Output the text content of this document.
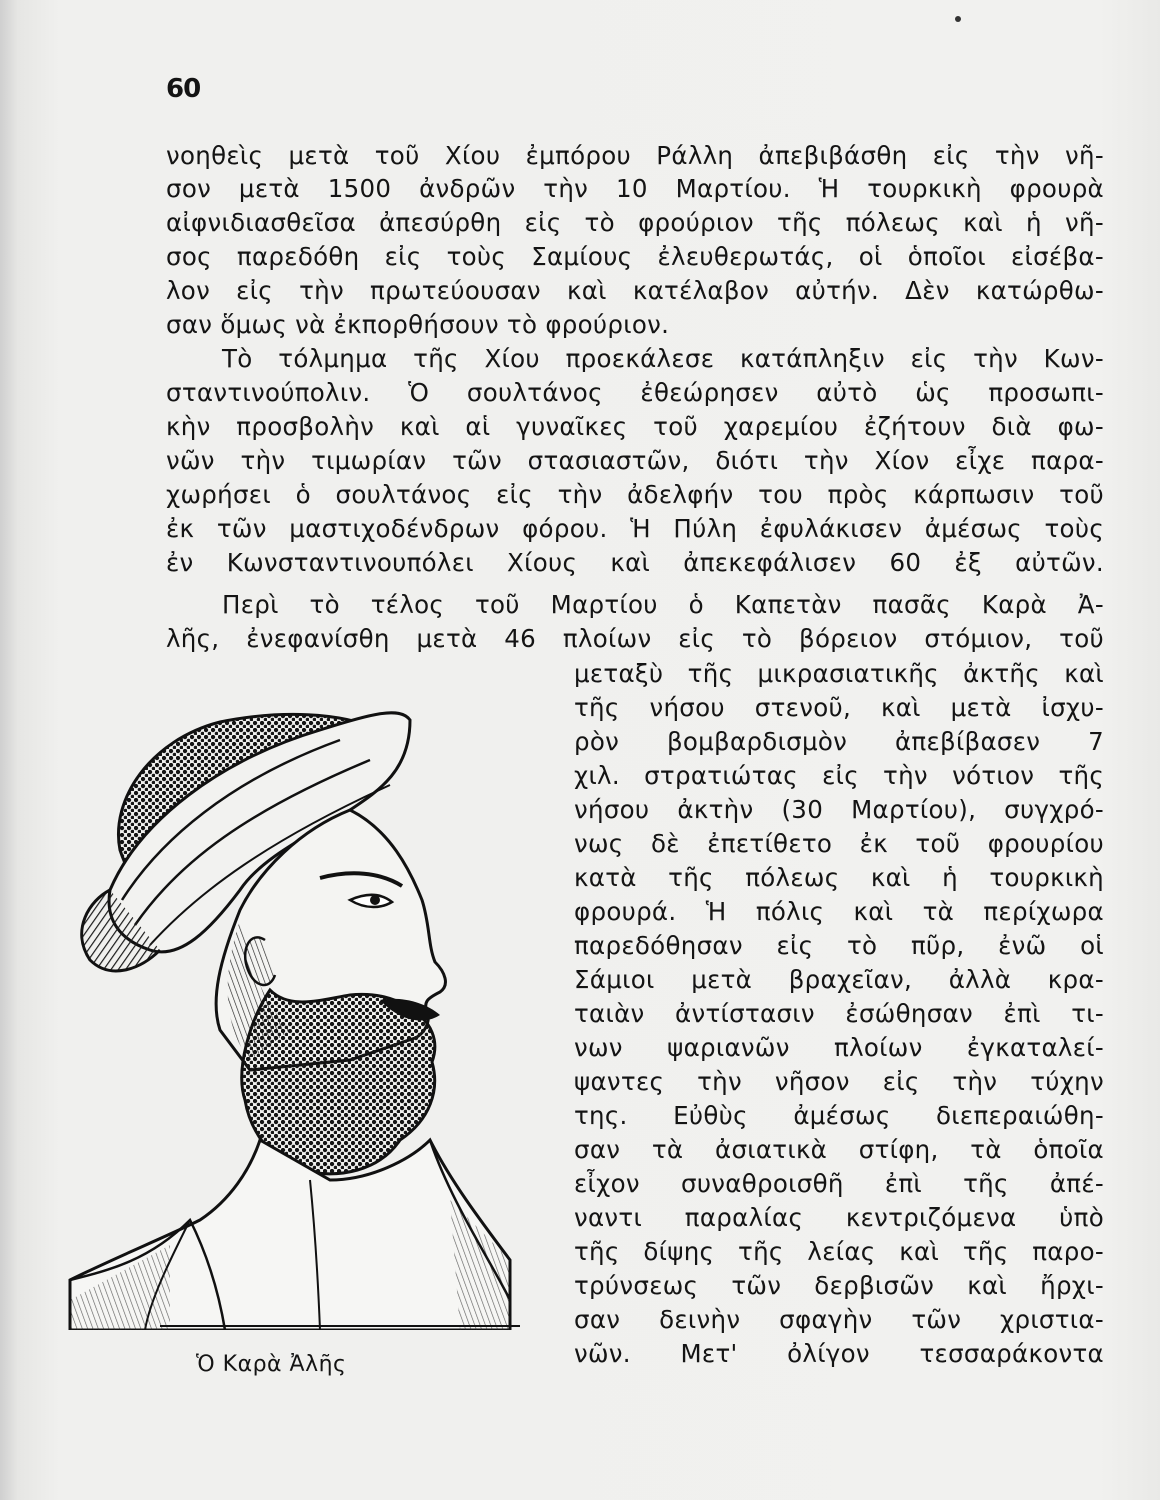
60
νοηθεὶς μετὰ τοῦ Χίου ἐμπόρου Ράλλη ἀπεβιβάσθη εἰς τὴν νῆ-
σον μετὰ 1500 ἀνδρῶν τὴν 10 Μαρτίου. Ἡ τουρκικὴ φρουρὰ
αἰφνιδιασθεῖσα ἀπεσύρθη εἰς τὸ φρούριον τῆς πόλεως καὶ ἡ νῆ-
σος παρεδόθη εἰς τοὺς Σαμίους ἐλευθερωτάς, οἱ ὁποῖοι εἰσέβα-
λον εἰς τὴν πρωτεύουσαν καὶ κατέλαβον αὐτήν. Δὲν κατώρθω-
σαν ὅμως νὰ ἐκπορθήσουν τὸ φρούριον.
Τὸ τόλμημα τῆς Χίου προεκάλεσε κατάπληξιν εἰς τὴν Κων-
σταντινούπολιν. Ὁ σουλτάνος ἐθεώρησεν αὐτὸ ὡς προσωπι-
κὴν προσβολὴν καὶ αἱ γυναῖκες τοῦ χαρεμίου ἐζήτουν διὰ φω-
νῶν τὴν τιμωρίαν τῶν στασιαστῶν, διότι τὴν Χίον εἶχε παρα-
χωρήσει ὁ σουλτάνος εἰς τὴν ἀδελφήν του πρὸς κάρπωσιν τοῦ
ἐκ τῶν μαστιχοδένδρων φόρου. Ἡ Πύλη ἐφυλάκισεν ἀμέσως τοὺς
ἐν Κωνσταντινουπόλει Χίους καὶ ἀπεκεφάλισεν 60 ἐξ αὐτῶν.
Περὶ τὸ τέλος τοῦ Μαρτίου ὁ Καπετὰν πασᾶς Καρὰ Ἀ-
λῆς, ἐνεφανίσθη μετὰ 46 πλοίων εἰς τὸ βόρειον στόμιον, τοῦ
μεταξὺ τῆς μικρασιατικῆς ἀκτῆς καὶ
τῆς νήσου στενοῦ, καὶ μετὰ ἰσχυ-
ρὸν βομβαρδισμὸν ἀπεβίβασεν 7
χιλ. στρατιώτας εἰς τὴν νότιον τῆς
νήσου ἀκτὴν (30 Μαρτίου), συγχρό-
νως δὲ ἐπετίθετο ἐκ τοῦ φρουρίου
κατὰ τῆς πόλεως καὶ ἡ τουρκικὴ
φρουρά. Ἡ πόλις καὶ τὰ περίχωρα
παρεδόθησαν εἰς τὸ πῦρ, ἐνῶ οἱ
Σάμιοι μετὰ βραχεῖαν, ἀλλὰ κρα-
ταιὰν ἀντίστασιν ἐσώθησαν ἐπὶ τι-
νων ψαριανῶν πλοίων ἐγκαταλεί-
ψαντες τὴν νῆσον εἰς τὴν τύχην
της. Εὐθὺς ἀμέσως διεπεραιώθη-
σαν τὰ ἀσιατικὰ στίφη, τὰ ὁποῖα
εἶχον συναθροισθῆ ἐπὶ τῆς ἀπέ-
ναντι παραλίας κεντριζόμενα ὑπὸ
τῆς δίψης τῆς λείας καὶ τῆς παρο-
τρύνσεως τῶν δερβισῶν καὶ ἤρχι-
σαν δεινὴν σφαγὴν τῶν χριστια-
νῶν. Μετ' ὀλίγον τεσσαράκοντα
Ὁ Καρὰ Ἀλῆς
